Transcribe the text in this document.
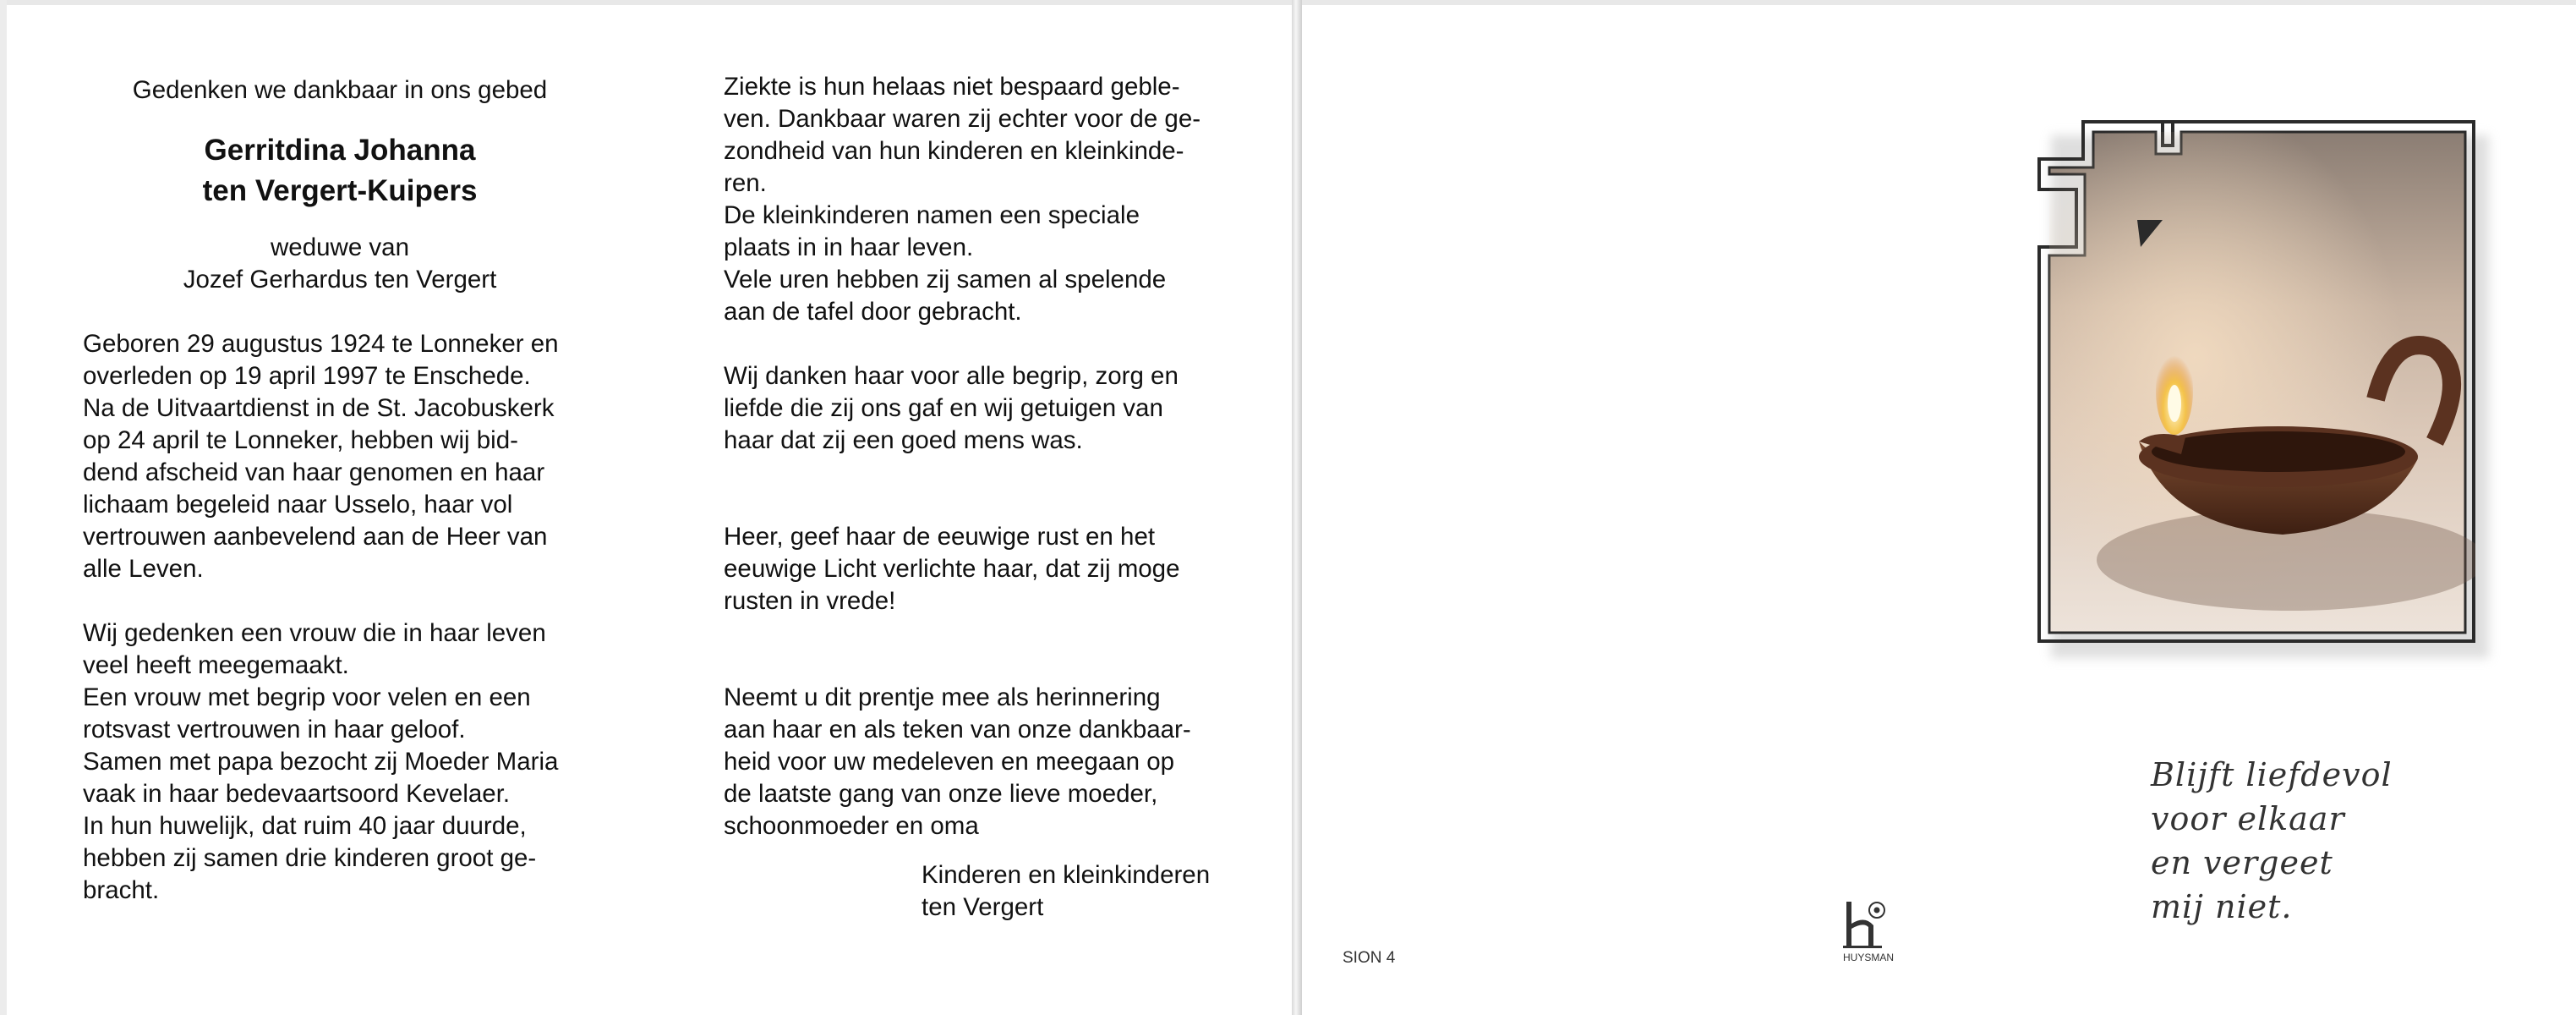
Gedenken we dankbaar in ons gebed

Gerritdina Johanna
ten Vergert-Kuipers

weduwe van

Jozef Gerhardus ten Vergert

Geboren 29 augustus 1924 te Lonneker en

overleden op 19 april 1997 te Enschede.

Na de Uitvaartdienst in de St. Jacobuskerk

op 24 april te Lonneker, hebben wij bid-

dend afscheid van haar genomen en haar

lichaam begeleid naar Usselo, haar vol

vertrouwen aanbevelend aan de Heer van

alle Leven.

Wij gedenken een vrouw die in haar leven

veel heeft meegemaakt.

Een vrouw met begrip voor velen en een

rotsvast vertrouwen in haar geloof.

Samen met papa bezocht zij Moeder Maria

vaak in haar bedevaartsoord Kevelaer.

In hun huwelijk, dat ruim 40 jaar duurde,

hebben zij samen drie kinderen groot ge-

bracht.

Ziekte is hun helaas niet bespaard geble-

ven. Dankbaar waren zij echter voor de ge-

zondheid van hun kinderen en kleinkinde-

ren.

De kleinkinderen namen een speciale

plaats in in haar leven.

Vele uren hebben zij samen al spelende

aan de tafel door gebracht.

Wij danken haar voor alle begrip, zorg en

liefde die zij ons gaf en wij getuigen van

haar dat zij een goed mens was.

Heer, geef haar de eeuwige rust en het

eeuwige Licht verlichte haar, dat zij moge

rusten in vrede!

Neemt u dit prentje mee als herinnering

aan haar en als teken van onze dankbaar-

heid voor uw medeleven en meegaan op

de laatste gang van onze lieve moeder,

schoonmoeder en oma

Kinderen en kleinkinderen

ten Vergert

Blijft liefdevol

voor elkaar

en vergeet

mij niet.

SION 4	HUYSMAN
